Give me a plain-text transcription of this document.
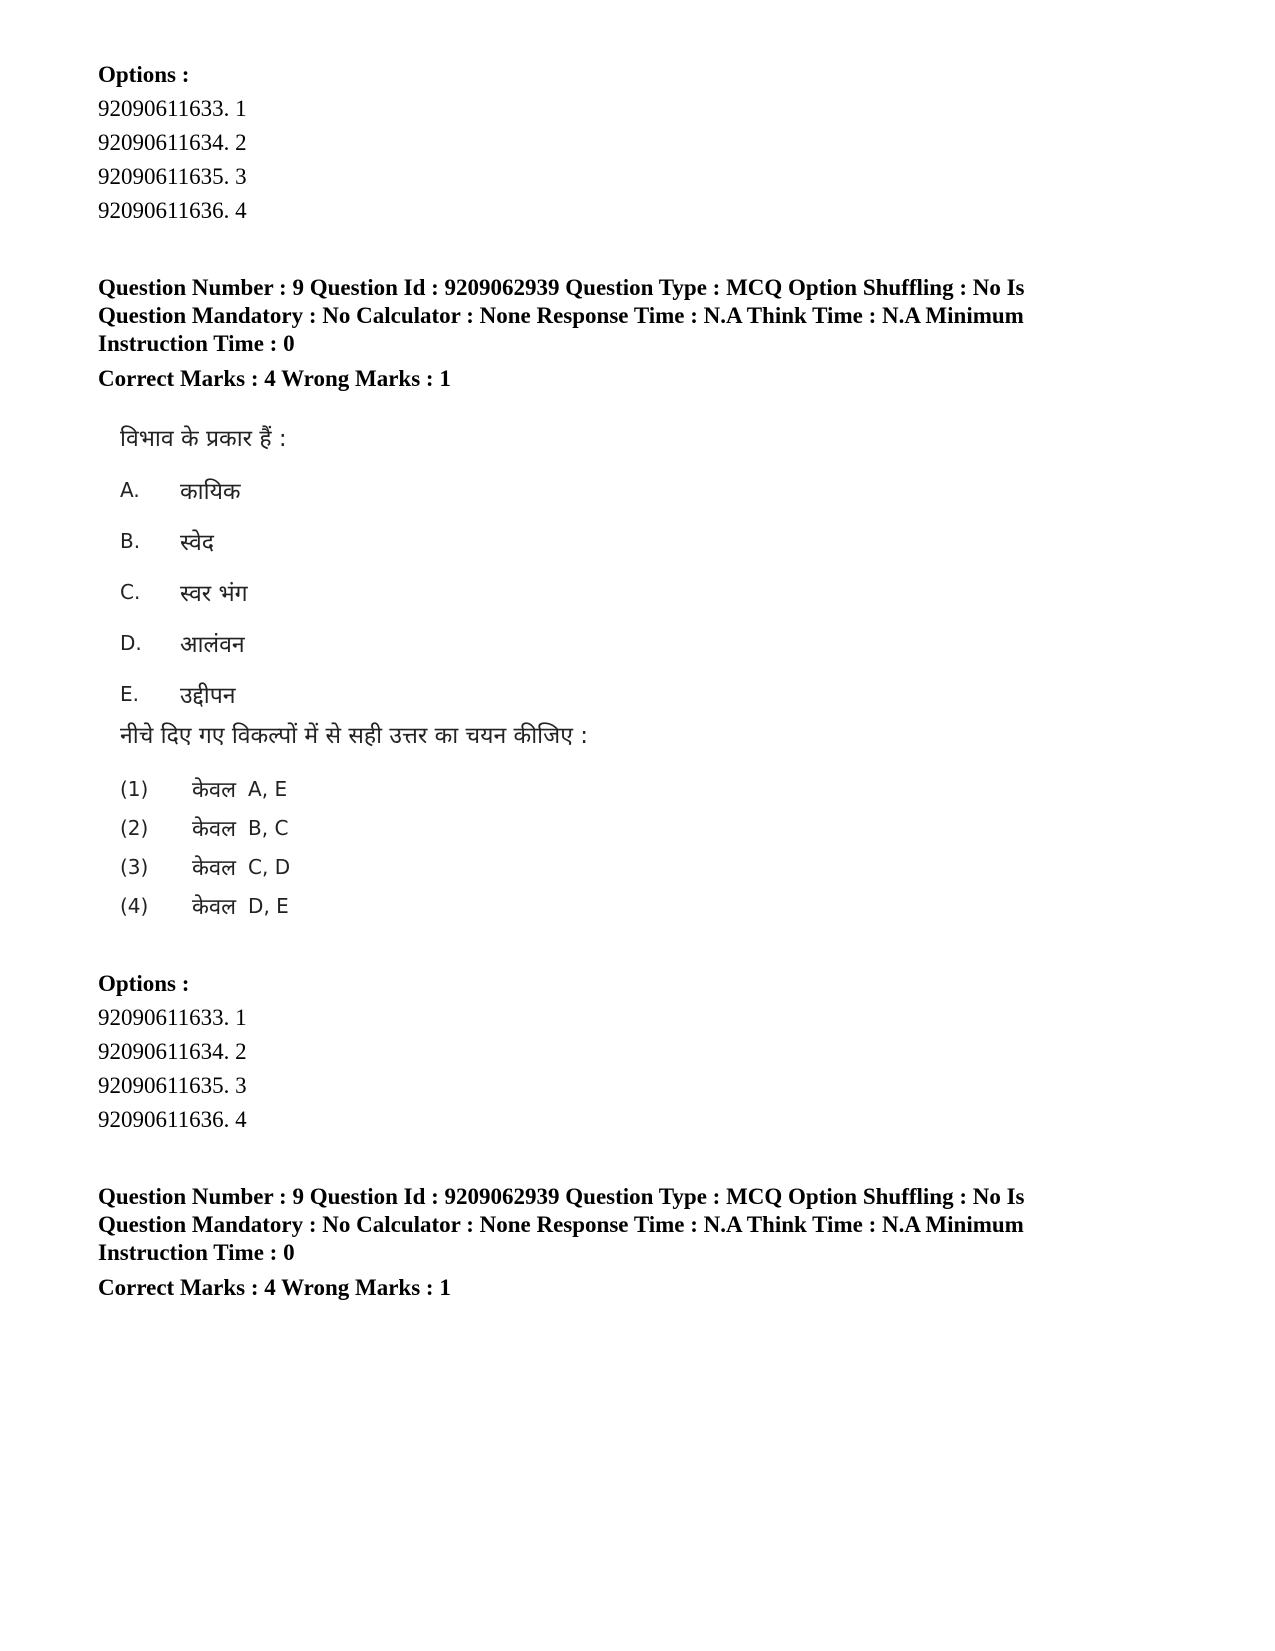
Options :

92090611633. 1

92090611634. 2

92090611635. 3

92090611636. 4

Question Number : 9 Question Id : 9209062939 Question Type : MCQ Option Shuffling : No Is Question Mandatory : No Calculator : None Response Time : N.A Think Time : N.A Minimum Instruction Time : 0

Correct Marks : 4 Wrong Marks : 1

विभाव के प्रकार हैं :
A.	कायिक
B.	स्वेद
C.	स्वर भंग
D.	आलंवन
E.	उद्दीपन
नीचे दिए गए विकल्पों में से सही उत्तर का चयन कीजिए :
(1)	केवल A, E
(2)	केवल B, C
(3)	केवल C, D
(4)	केवल D, E

Options :

92090611633. 1

92090611634. 2

92090611635. 3

92090611636. 4

Question Number : 9 Question Id : 9209062939 Question Type : MCQ Option Shuffling : No Is Question Mandatory : No Calculator : None Response Time : N.A Think Time : N.A Minimum Instruction Time : 0

Correct Marks : 4 Wrong Marks : 1
